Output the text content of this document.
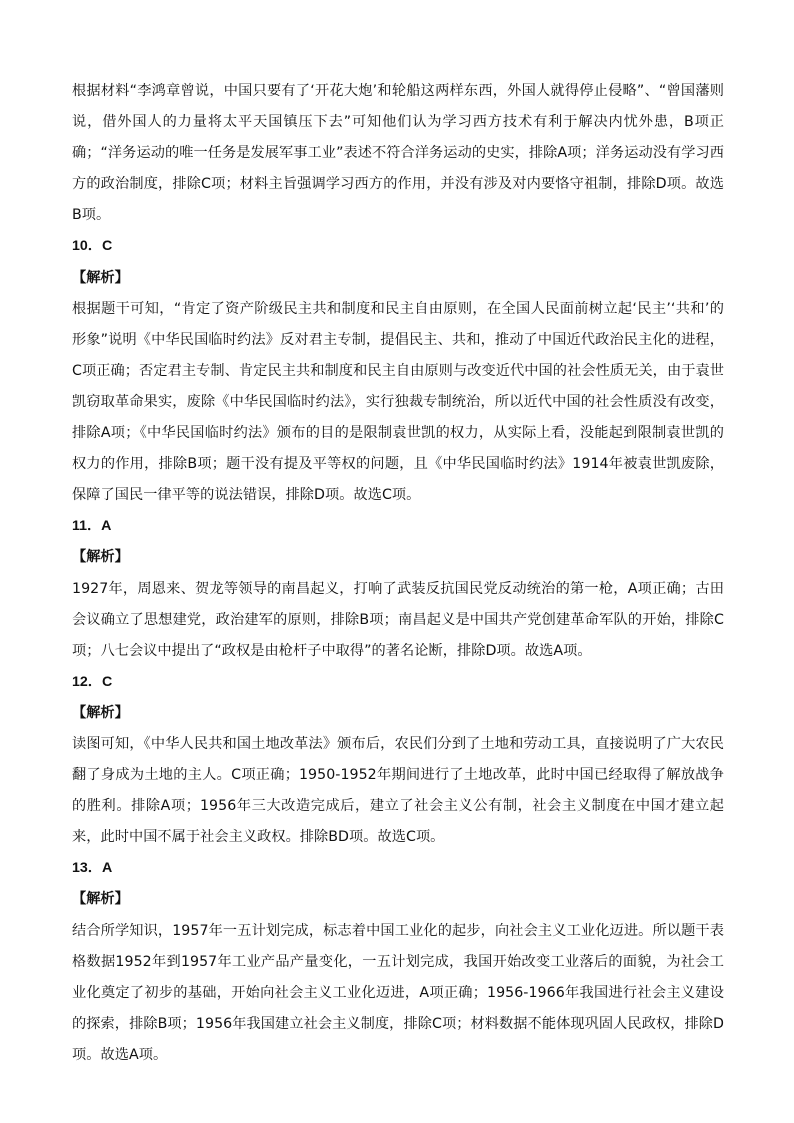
根据材料“李鸿章曾说，中国只要有了‘开花大炮’和轮船这两样东西，外国人就得停止侵略”、“曾国藩则说，借外国人的力量将太平天国镇压下去”可知他们认为学习西方技术有利于解决内忧外患，B项正确；“洋务运动的唯一任务是发展军事工业”表述不符合洋务运动的史实，排除A项；洋务运动没有学习西方的政治制度，排除C项；材料主旨强调学习西方的作用，并没有涉及对内要恪守祖制，排除D项。故选B项。

10．C

【解析】

根据题干可知，“肯定了资产阶级民主共和制度和民主自由原则，在全国人民面前树立起‘民主’‘共和’的形象”说明《中华民国临时约法》反对君主专制，提倡民主、共和，推动了中国近代政治民主化的进程，C项正确；否定君主专制、肯定民主共和制度和民主自由原则与改变近代中国的社会性质无关，由于袁世凯窃取革命果实，废除《中华民国临时约法》，实行独裁专制统治，所以近代中国的社会性质没有改变，排除A项；《中华民国临时约法》颁布的目的是限制袁世凯的权力，从实际上看，没能起到限制袁世凯的权力的作用，排除B项；题干没有提及平等权的问题，且《中华民国临时约法》1914年被袁世凯废除，保障了国民一律平等的说法错误，排除D项。故选C项。

11．A

【解析】

1927年，周恩来、贺龙等领导的南昌起义，打响了武装反抗国民党反动统治的第一枪，A项正确；古田会议确立了思想建党，政治建军的原则，排除B项；南昌起义是中国共产党创建革命军队的开始，排除C项；八七会议中提出了“政权是由枪杆子中取得”的著名论断，排除D项。故选A项。

12．C

【解析】

读图可知，《中华人民共和国土地改革法》颁布后，农民们分到了土地和劳动工具，直接说明了广大农民翻了身成为土地的主人。C项正确；1950-1952年期间进行了土地改革，此时中国已经取得了解放战争的胜利。排除A项；1956年三大改造完成后，建立了社会主义公有制，社会主义制度在中国才建立起来，此时中国不属于社会主义政权。排除BD项。故选C项。

13．A

【解析】

结合所学知识，1957年一五计划完成，标志着中国工业化的起步，向社会主义工业化迈进。所以题干表格数据1952年到1957年工业产品产量变化，一五计划完成，我国开始改变工业落后的面貌，为社会工业化奠定了初步的基础，开始向社会主义工业化迈进，A项正确；1956-1966年我国进行社会主义建设的探索，排除B项；1956年我国建立社会主义制度，排除C项；材料数据不能体现巩固人民政权，排除D项。故选A项。
